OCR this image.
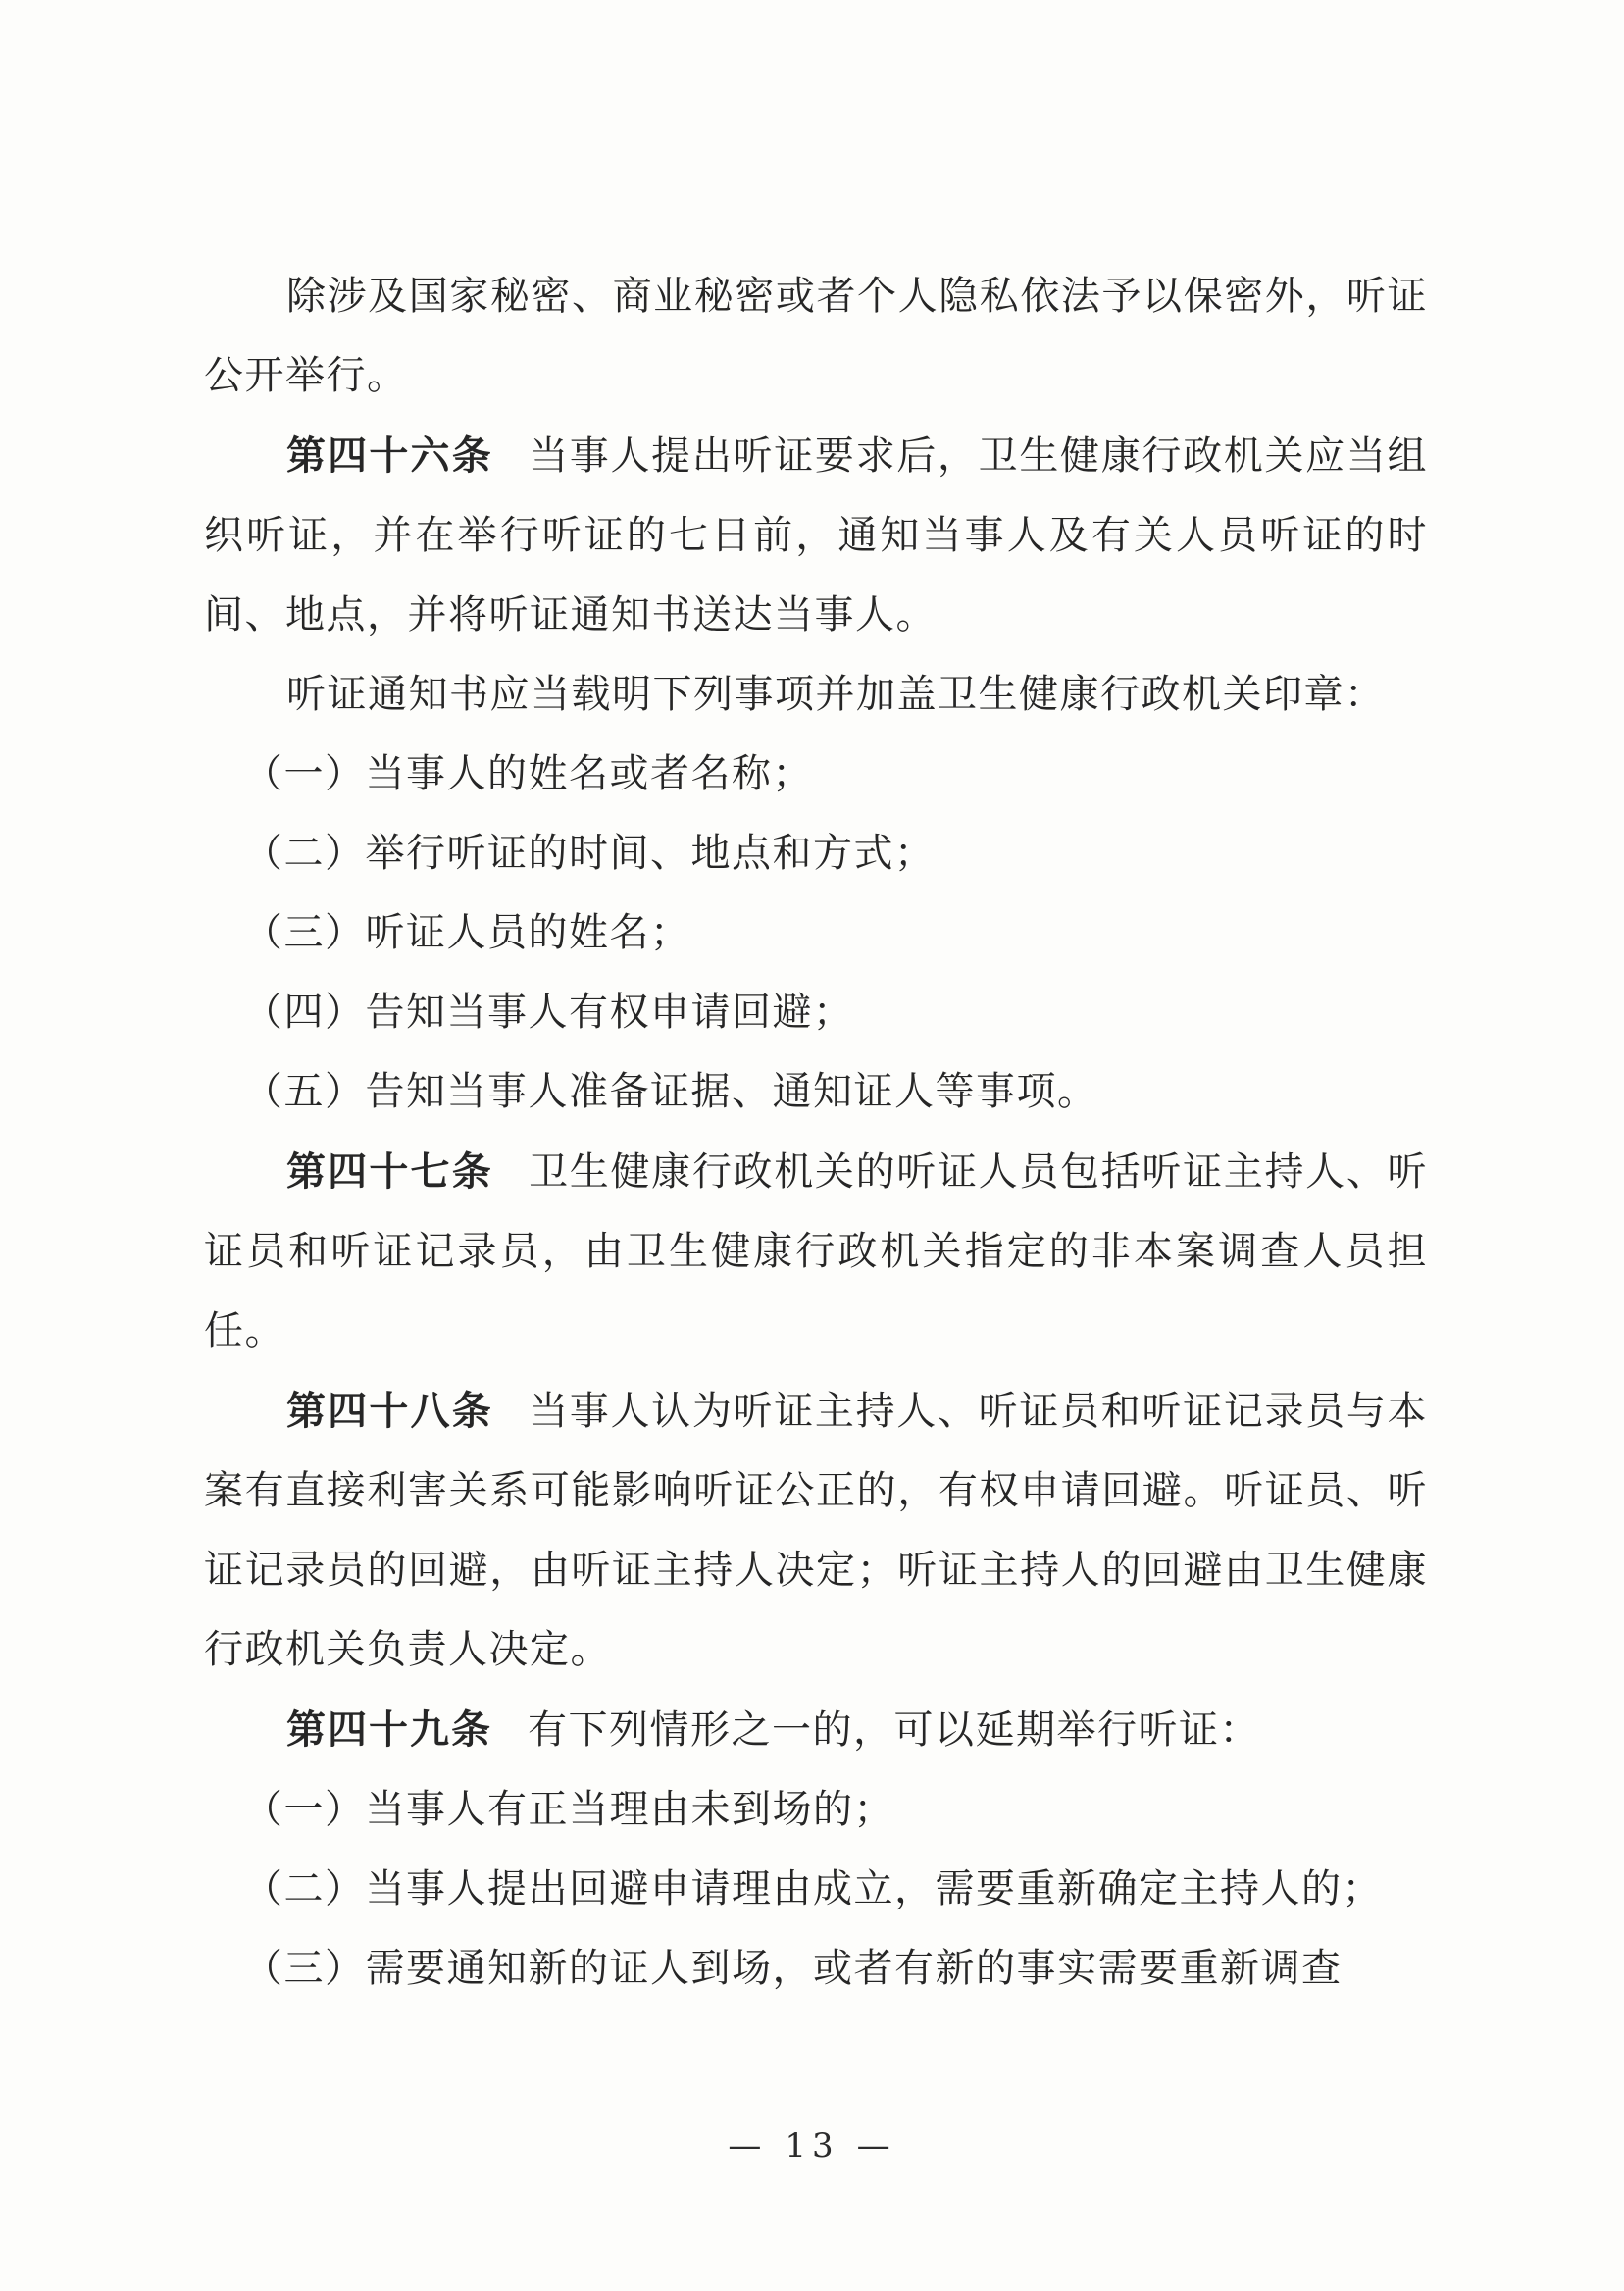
除涉及国家秘密、商业秘密或者个人隐私依法予以保密外，听证公开举行。

第四十六条 当事人提出听证要求后，卫生健康行政机关应当组织听证，并在举行听证的七日前，通知当事人及有关人员听证的时间、地点，并将听证通知书送达当事人。

听证通知书应当载明下列事项并加盖卫生健康行政机关印章：

（一）当事人的姓名或者名称；

（二）举行听证的时间、地点和方式；

（三）听证人员的姓名；

（四）告知当事人有权申请回避；

（五）告知当事人准备证据、通知证人等事项。

第四十七条 卫生健康行政机关的听证人员包括听证主持人、听证员和听证记录员，由卫生健康行政机关指定的非本案调查人员担任。

第四十八条 当事人认为听证主持人、听证员和听证记录员与本案有直接利害关系可能影响听证公正的，有权申请回避。听证员、听证记录员的回避，由听证主持人决定；听证主持人的回避由卫生健康行政机关负责人决定。

第四十九条 有下列情形之一的，可以延期举行听证：

（一）当事人有正当理由未到场的；

（二）当事人提出回避申请理由成立，需要重新确定主持人的；

（三）需要通知新的证人到场，或者有新的事实需要重新调查

— 13 —
